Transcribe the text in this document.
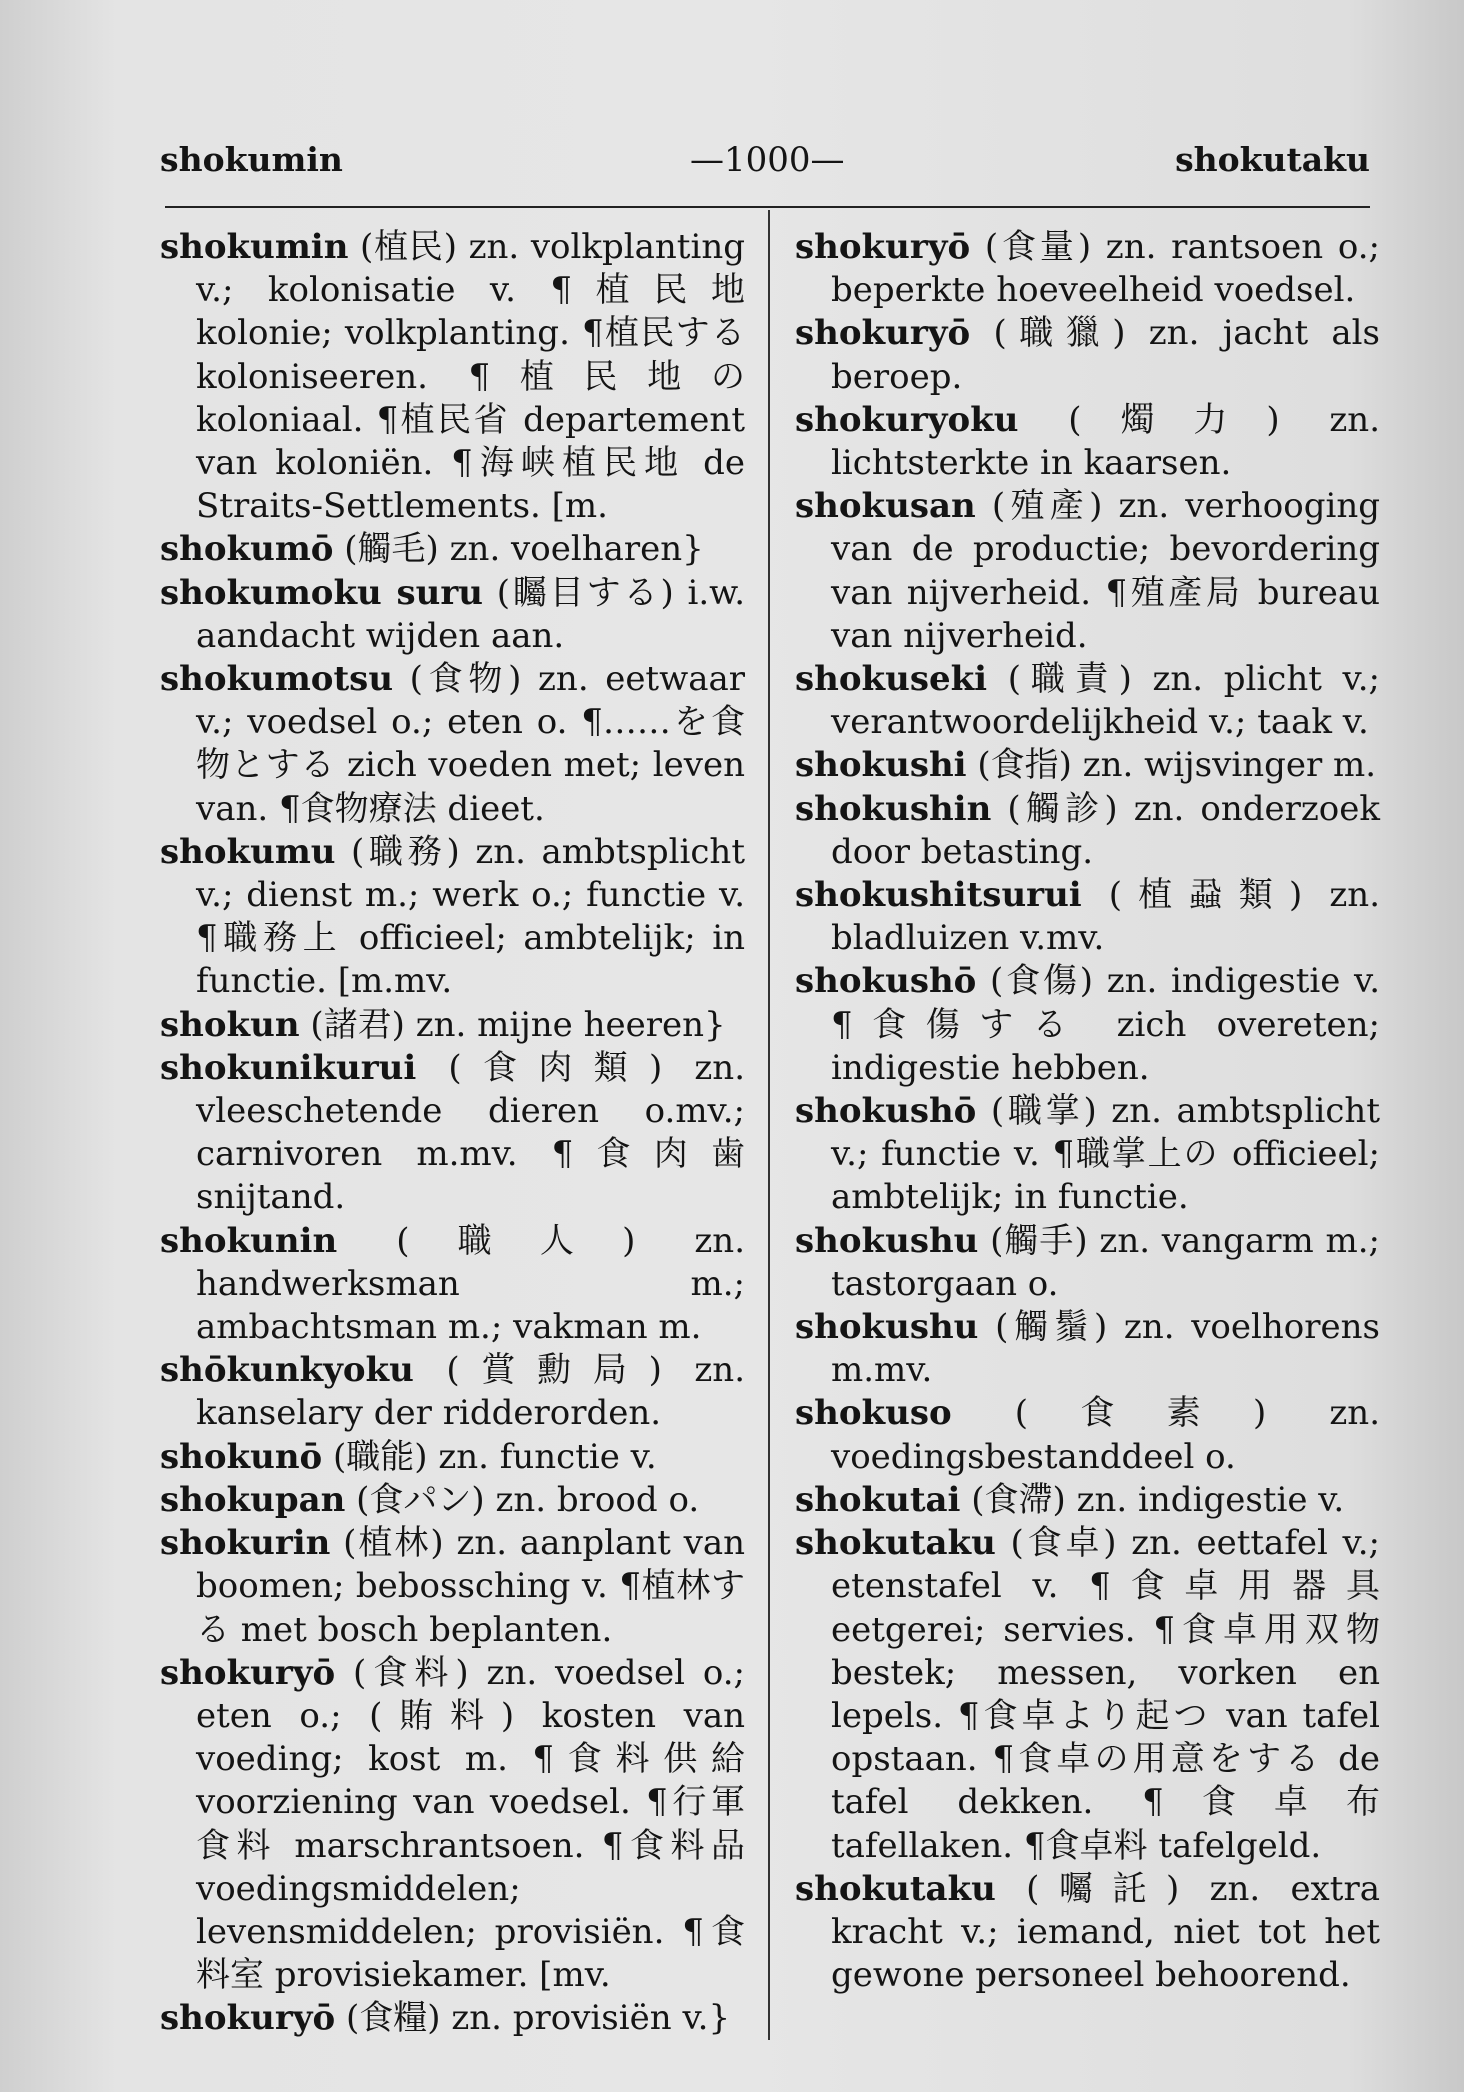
shokumin	—1000—	shokutaku

shokumin (植民) zn. volkplanting v.; kolonisatie v. ¶植民地 kolonie; volkplanting. ¶植民する koloniseeren. ¶植民地の koloniaal. ¶植民省 departement van koloniën. ¶海峡植民地 de Straits-Settlements. [m.

shokumō (觸毛) zn. voelharen}

shokumoku suru (矚目する) i.w. aandacht wijden aan.

shokumotsu (食物) zn. eetwaar v.; voedsel o.; eten o. ¶……を食物とする zich voeden met; leven van. ¶食物療法 dieet.

shokumu (職務) zn. ambtsplicht v.; dienst m.; werk o.; functie v. ¶職務上 officieel; ambtelijk; in functie. [m.mv.

shokun (諸君) zn. mijne heeren}

shokunikurui (食肉類) zn. vleeschetende dieren o.mv.; carnivoren m.mv. ¶食肉歯 snijtand.

shokunin (職人) zn. handwerksman m.; ambachtsman m.; vakman m.

shōkunkyoku (賞勳局) zn. kanselary der ridderorden.

shokunō (職能) zn. functie v.

shokupan (食パン) zn. brood o.

shokurin (植林) zn. aanplant van boomen; bebossching v. ¶植林する met bosch beplanten.

shokuryō (食料) zn. voedsel o.; eten o.; (賄料) kosten van voeding; kost m. ¶食料供給 voorziening van voedsel. ¶行軍食料 marschrantsoen. ¶食料品 voedingsmiddelen; levensmiddelen; provisiën. ¶食料室 provisiekamer. [mv.

shokuryō (食糧) zn. provisiën v.}

shokuryō (食量) zn. rantsoen o.; beperkte hoeveelheid voedsel.

shokuryō (職獵) zn. jacht als beroep.

shokuryoku (燭力) zn. lichtsterkte in kaarsen.

shokusan (殖產) zn. verhooging van de productie; bevordering van nijverheid. ¶殖產局 bureau van nijverheid.

shokuseki (職責) zn. plicht v.; verantwoordelijkheid v.; taak v.

shokushi (食指) zn. wijsvinger m.

shokushin (觸診) zn. onderzoek door betasting.

shokushitsurui (植蝨類) zn. bladluizen v.mv.

shokushō (食傷) zn. indigestie v. ¶食傷する zich overeten; indigestie hebben.

shokushō (職掌) zn. ambtsplicht v.; functie v. ¶職掌上の officieel; ambtelijk; in functie.

shokushu (觸手) zn. vangarm m.; tastorgaan o.

shokushu (觸鬚) zn. voelhorens m.mv.

shokuso (食素) zn. voedingsbestanddeel o.

shokutai (食滯) zn. indigestie v.

shokutaku (食卓) zn. eettafel v.; etenstafel v. ¶食卓用器具 eetgerei; servies. ¶食卓用双物 bestek; messen, vorken en lepels. ¶食卓より起つ van tafel opstaan. ¶食卓の用意をする de tafel dekken. ¶食卓布 tafellaken. ¶食卓料 tafelgeld.

shokutaku (囑託) zn. extra kracht v.; iemand, niet tot het gewone personeel behoorend.
